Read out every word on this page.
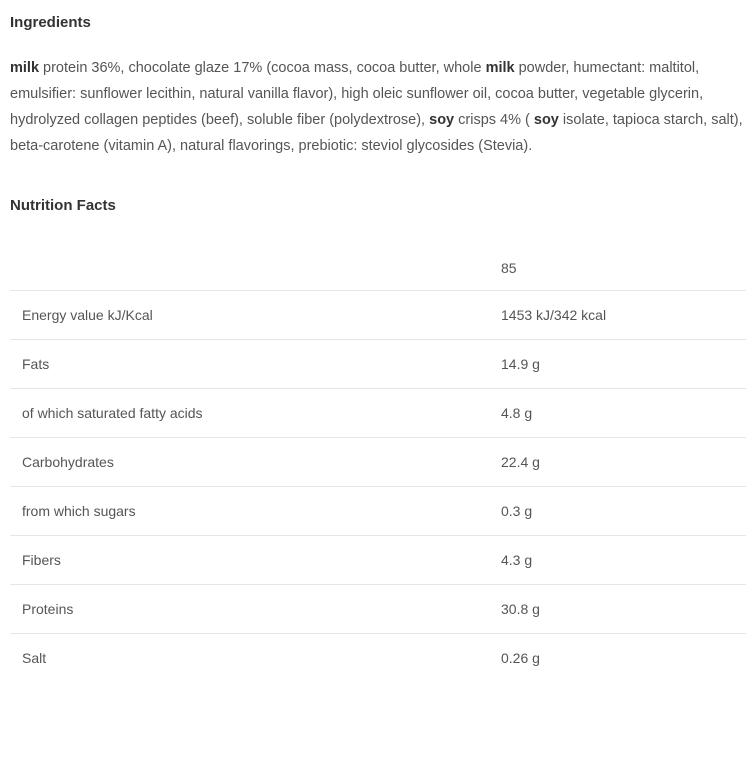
Ingredients

milk protein 36%, chocolate glaze 17% (cocoa mass, cocoa butter, whole milk powder, humectant: maltitol, emulsifier: sunflower lecithin, natural vanilla flavor), high oleic sunflower oil, cocoa butter, vegetable glycerin, hydrolyzed collagen peptides (beef), soluble fiber (polydextrose), soy crisps 4% ( soy isolate, tapioca starch, salt), beta-carotene (vitamin A), natural flavorings, prebiotic: steviol glycosides (Stevia).

Nutrition Facts
	85
Energy value kJ/Kcal	1453 kJ/342 kcal
Fats	14.9 g
of which saturated fatty acids	4.8 g
Carbohydrates	22.4 g
from which sugars	0.3 g
Fibers	4.3 g
Proteins	30.8 g
Salt	0.26 g
